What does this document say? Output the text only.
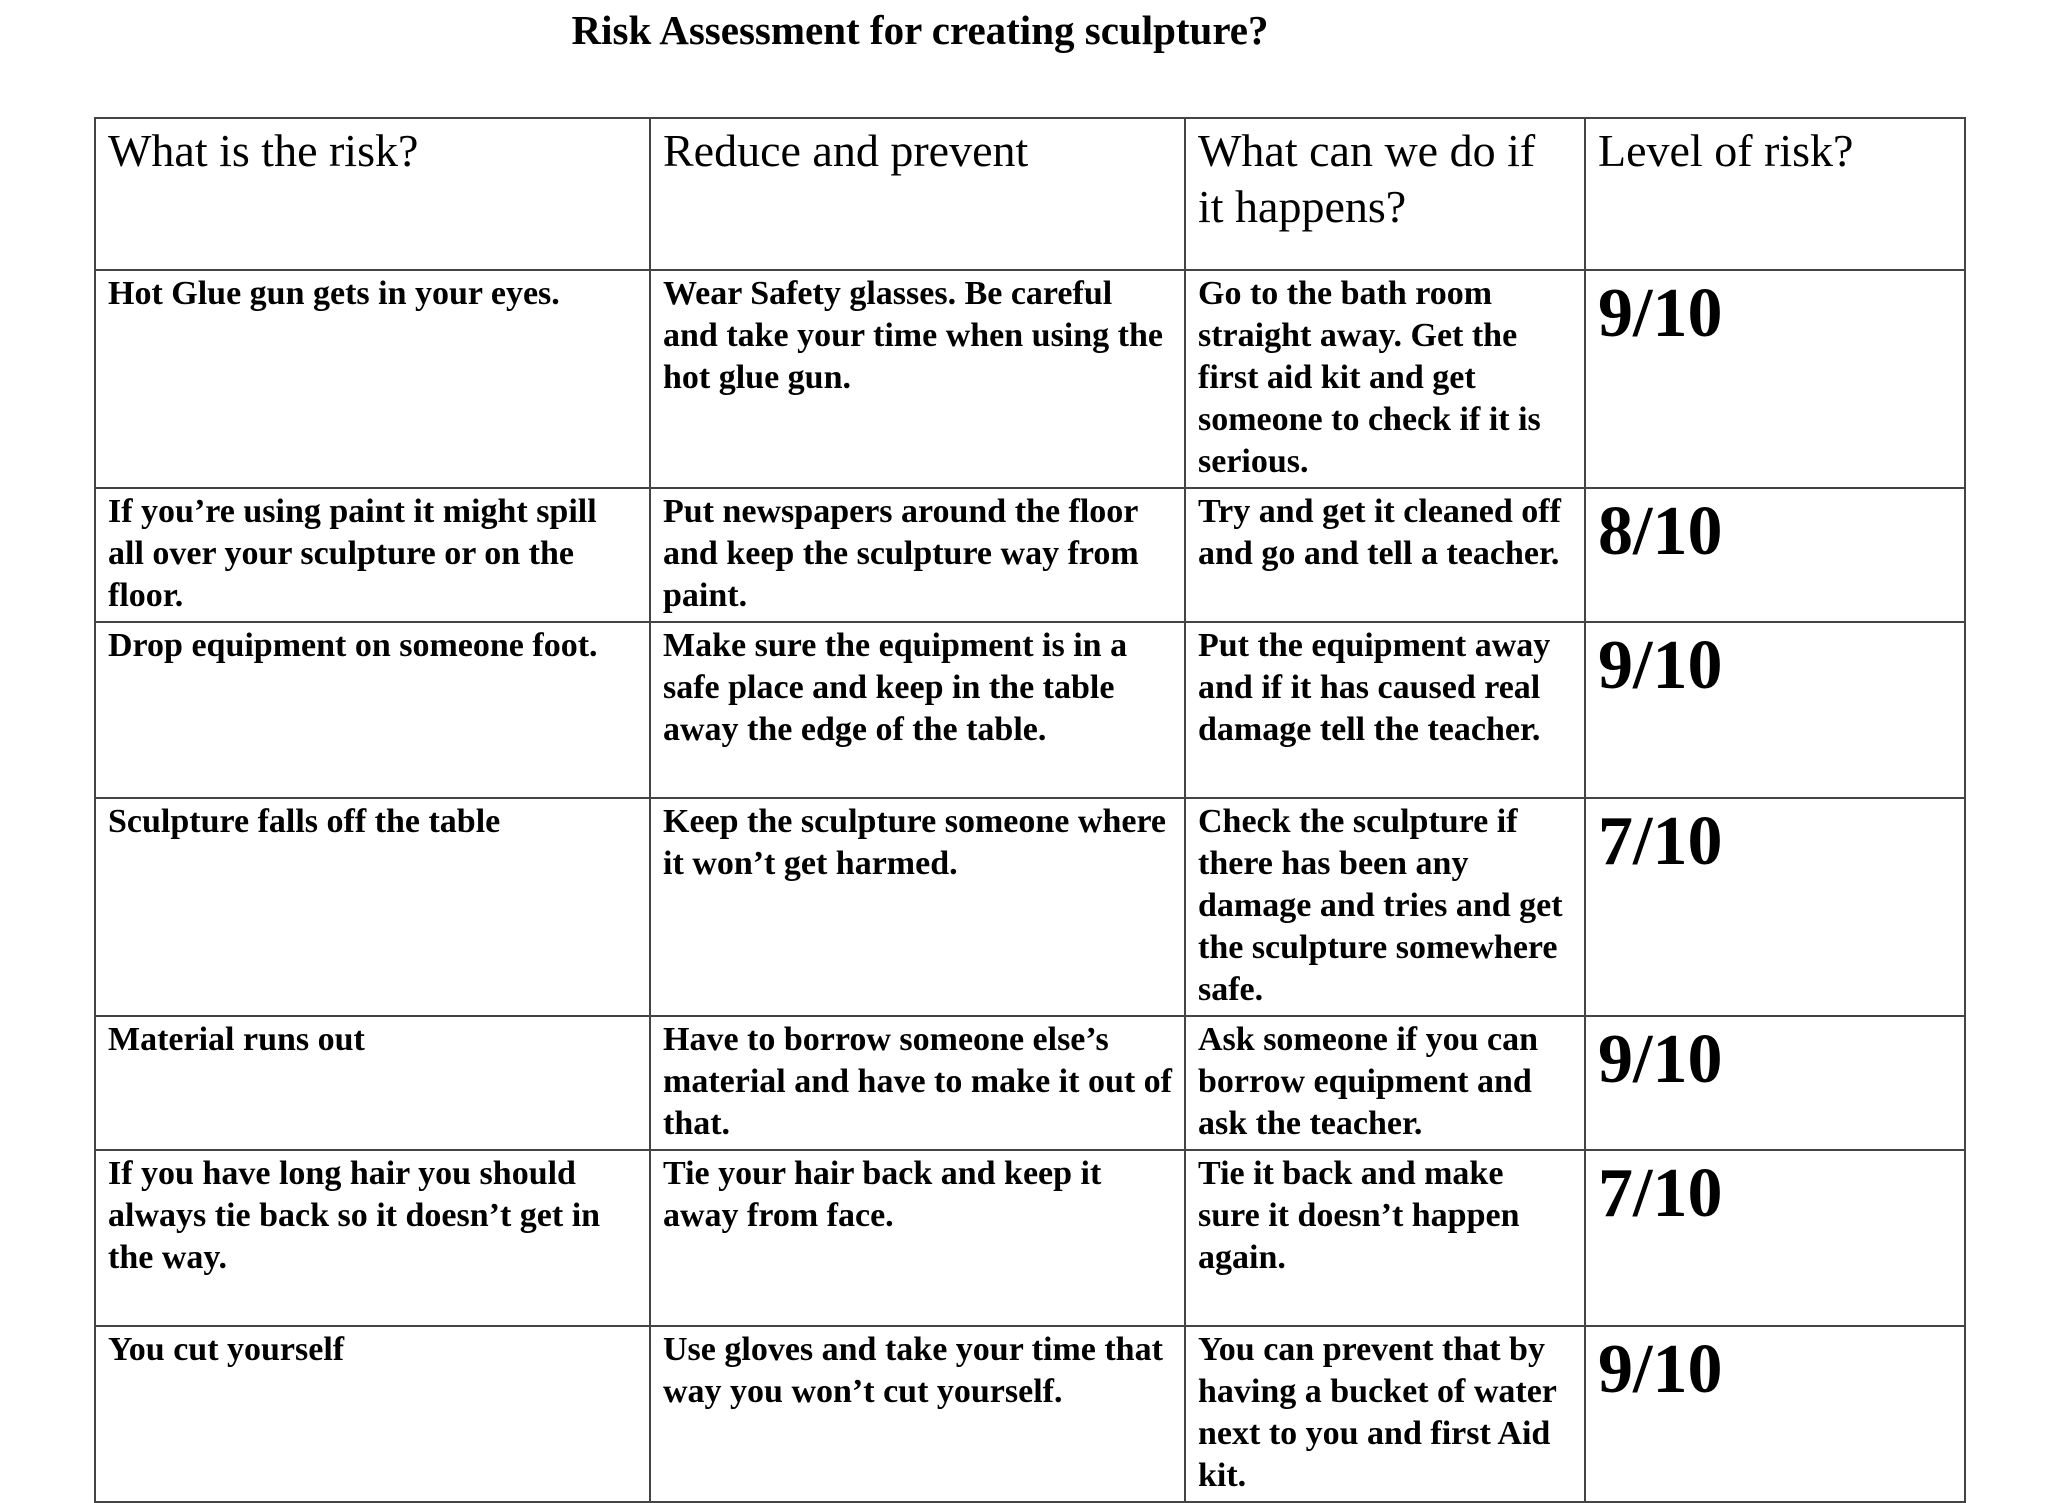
Risk Assessment for creating sculpture?
What is the risk?	Reduce and prevent	What can we do if it happens?	Level of risk?
Hot Glue gun gets in your eyes.	Wear Safety glasses. Be careful and take your time when using the hot glue gun.	Go to the bath room straight away. Get the first aid kit and get someone to check if it is serious.	9/10
If you’re using paint it might spill all over your sculpture or on the floor.	Put newspapers around the floor and keep the sculpture way from paint.	Try and get it cleaned off and go and tell a teacher.	8/10
Drop equipment on someone foot.	Make sure the equipment is in a safe place and keep in the table away the edge of the table.	Put the equipment away and if it has caused real damage tell the teacher.	9/10
Sculpture falls off the table	Keep the sculpture someone where it won’t get harmed.	Check the sculpture if there has been any damage and tries and get the sculpture somewhere safe.	7/10
Material runs out	Have to borrow someone else’s material and have to make it out of that.	Ask someone if you can borrow equipment and ask the teacher.	9/10
If you have long hair you should always tie back so it doesn’t get in the way.	Tie your hair back and keep it away from face.	Tie it back and make sure it doesn’t happen again.	7/10
You cut yourself	Use gloves and take your time that way you won’t cut yourself.	You can prevent that by having a bucket of water next to you and first Aid kit.	9/10
